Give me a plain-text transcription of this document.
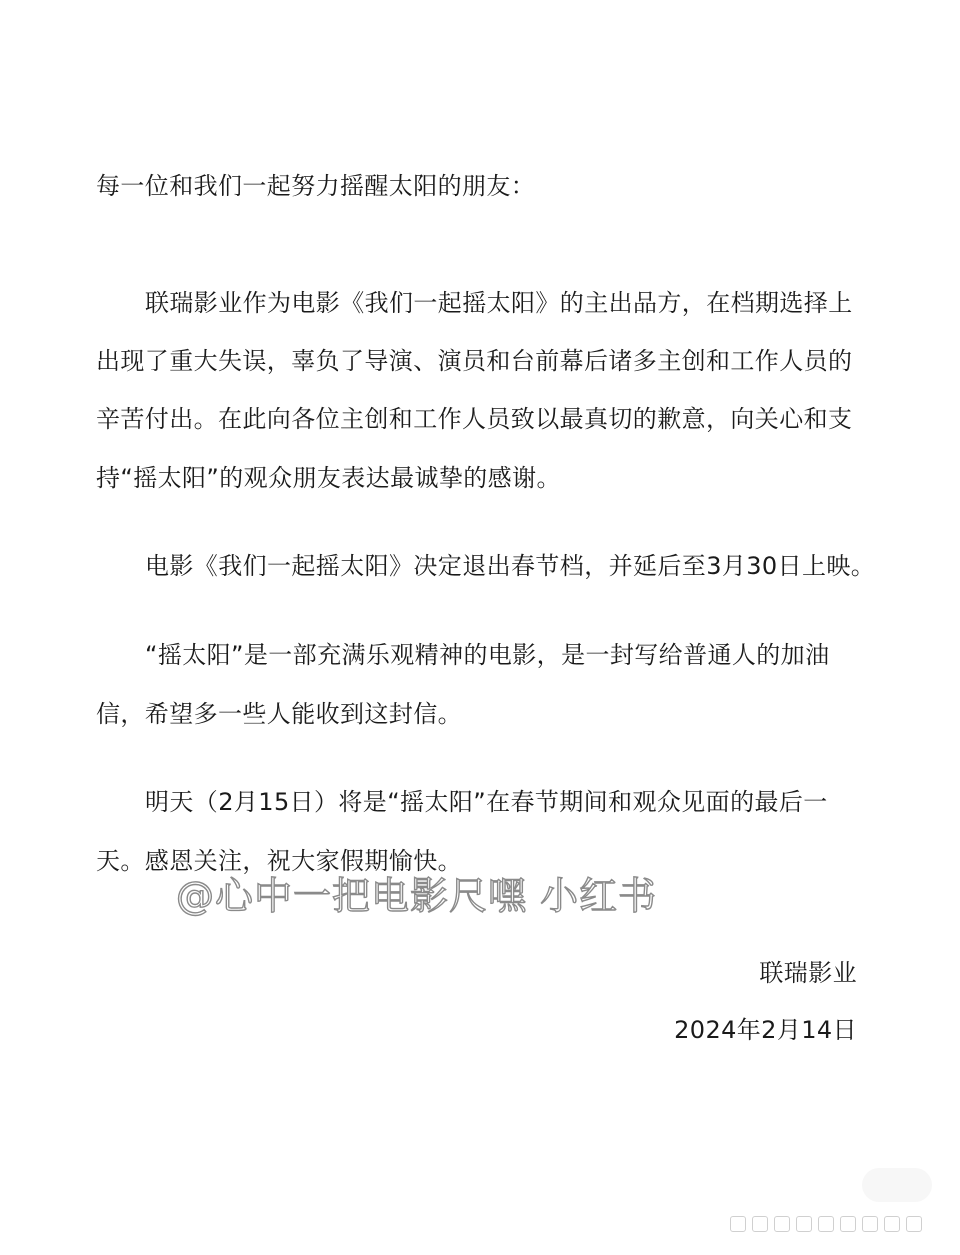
每一位和我们一起努力摇醒太阳的朋友：

联瑞影业作为电影《我们一起摇太阳》的主出品方，在档期选择上

出现了重大失误，辜负了导演、演员和台前幕后诸多主创和工作人员的

辛苦付出。在此向各位主创和工作人员致以最真切的歉意，向关心和支

持“摇太阳”的观众朋友表达最诚挚的感谢。

电影《我们一起摇太阳》决定退出春节档，并延后至3月30日上映。

“摇太阳”是一部充满乐观精神的电影，是一封写给普通人的加油

信，希望多一些人能收到这封信。

明天（2月15日）将是“摇太阳”在春节期间和观众见面的最后一

天。感恩关注，祝大家假期愉快。

联瑞影业

2024年2月14日

@心中一把电影尺嘿 小红书
